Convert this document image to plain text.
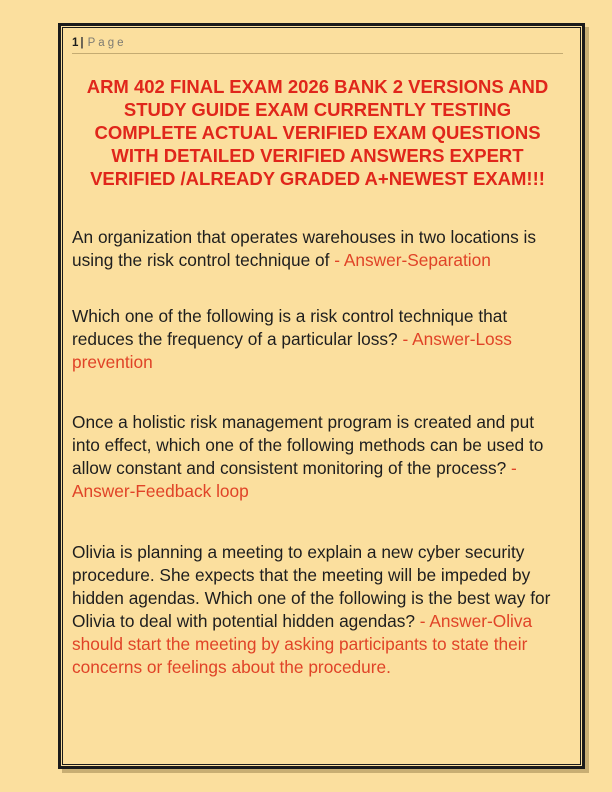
1 | Page
ARM 402 FINAL EXAM 2026 BANK 2 VERSIONS AND
STUDY GUIDE EXAM CURRENTLY TESTING
COMPLETE ACTUAL VERIFIED EXAM QUESTIONS
WITH DETAILED VERIFIED ANSWERS EXPERT
VERIFIED /ALREADY GRADED A+NEWEST EXAM!!!

An organization that operates warehouses in two locations is using the risk control technique of - Answer-Separation

Which one of the following is a risk control technique that reduces the frequency of a particular loss? - Answer-Loss prevention

Once a holistic risk management program is created and put into effect, which one of the following methods can be used to allow constant and consistent monitoring of the process? - Answer-Feedback loop

Olivia is planning a meeting to explain a new cyber security procedure. She expects that the meeting will be impeded by hidden agendas. Which one of the following is the best way for Olivia to deal with potential hidden agendas? - Answer-Oliva should start the meeting by asking participants to state their concerns or feelings about the procedure.
